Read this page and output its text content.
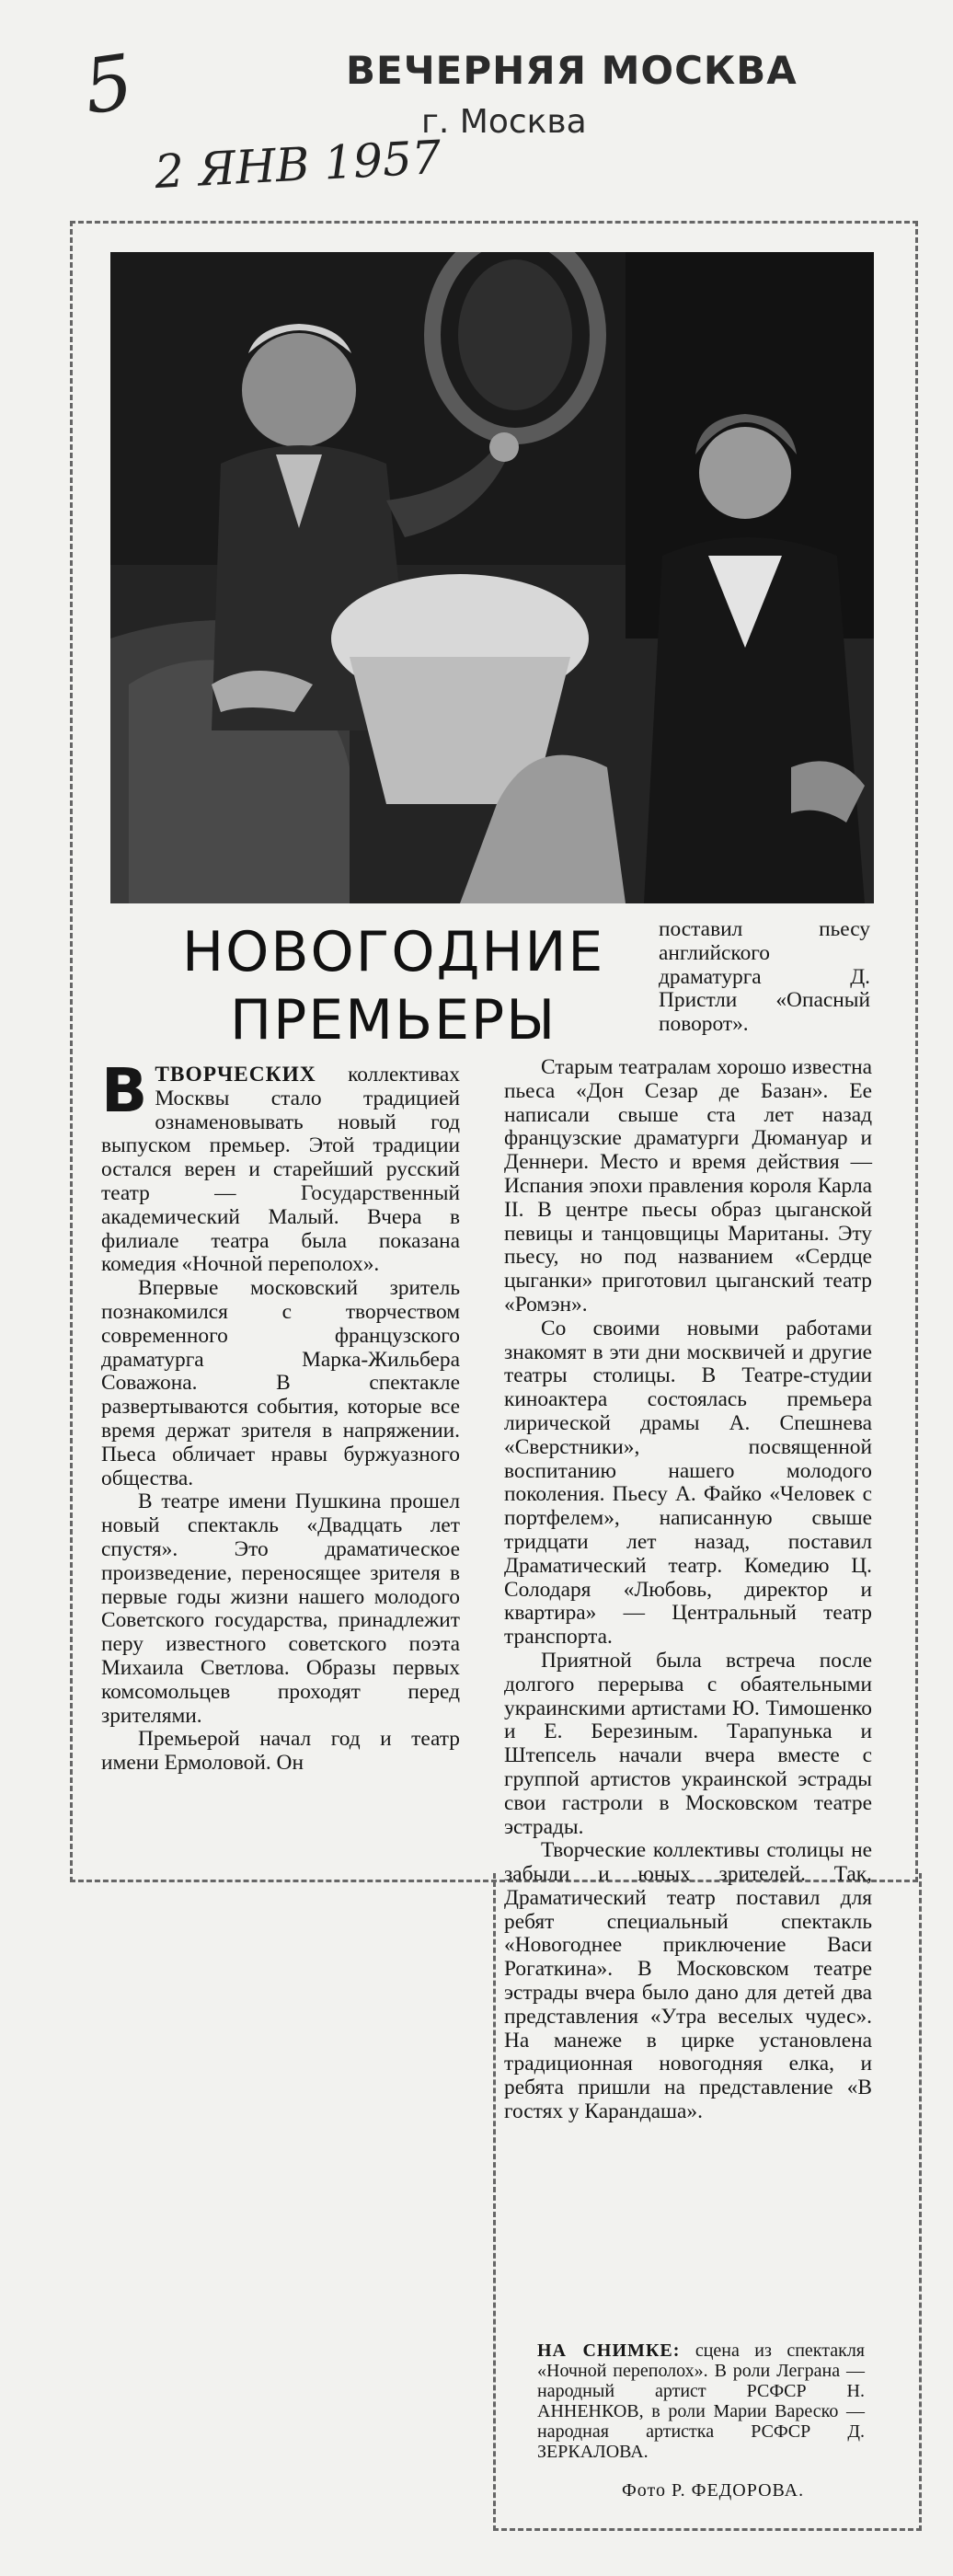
5	ВЕЧЕРНЯЯ МОСКВА
г. Москва
2 ЯНВ 1957
НОВОГОДНИЕ
ПРЕМЬЕРЫ

ВТВОРЧЕСКИХ коллективах Москвы стало традицией ознаменовывать новый год выпуском премьер. Этой традиции остался верен и старейший русский театр — Государственный академический Малый. Вчера в филиале театра была показана комедия «Ночной переполох».

Впервые московский зритель познакомился с творчеством современного французского драматурга Марка-Жильбера Соважона. В спектакле развертываются события, которые все время держат зрителя в напряжении. Пьеса обличает нравы буржуазного общества.

В театре имени Пушкина прошел новый спектакль «Двадцать лет спустя». Это драматическое произведение, переносящее зрителя в первые годы жизни нашего молодого Советского государства, принадлежит перу известного советского поэта Михаила Светлова. Образы первых комсомольцев проходят перед зрителями.

Премьерой начал год и театр имени Ермоловой. Он

поставил пьесу английского драматурга Д. Пристли «Опасный поворот».

Старым театралам хорошо известна пьеса «Дон Сезар де Базан». Ее написали свыше ста лет назад французские драматурги Дюмануар и Деннери. Место и время действия — Испания эпохи правления короля Карла II. В центре пьесы образ цыганской певицы и танцовщицы Маританы. Эту пьесу, но под названием «Сердце цыганки» приготовил цыганский театр «Ромэн».

Со своими новыми работами знакомят в эти дни москвичей и другие театры столицы. В Театре-студии киноактера состоялась премьера лирической драмы А. Спешнева «Сверстники», посвященной воспитанию нашего молодого поколения. Пьесу А. Файко «Человек с портфелем», написанную свыше тридцати лет назад, поставил Драматический театр. Комедию Ц. Солодаря «Любовь, директор и квартира» — Центральный театр транспорта.

Приятной была встреча после долгого перерыва с обаятельными украинскими артистами Ю. Тимошенко и Е. Березиным. Тарапунька и Штепсель начали вчера вместе с группой артистов украинской эстрады свои гастроли в Московском театре эстрады.

Творческие коллективы столицы не забыли и юных зрителей. Так, Драматический театр поставил для ребят специальный спектакль «Новогоднее приключение Васи Рогаткина». В Московском театре эстрады вчера было дано для детей два представления «Утра веселых чудес». На манеже в цирке установлена традиционная новогодняя елка, и ребята пришли на представление «В гостях у Карандаша».

НА СНИМКЕ: сцена из спектакля «Ночной переполох». В роли Леграна — народный артист РСФСР Н. АННЕНКОВ, в роли Марии Вареско — народная артистка РСФСР Д. ЗЕРКАЛОВА.
Фото Р. ФЕДОРОВА.
